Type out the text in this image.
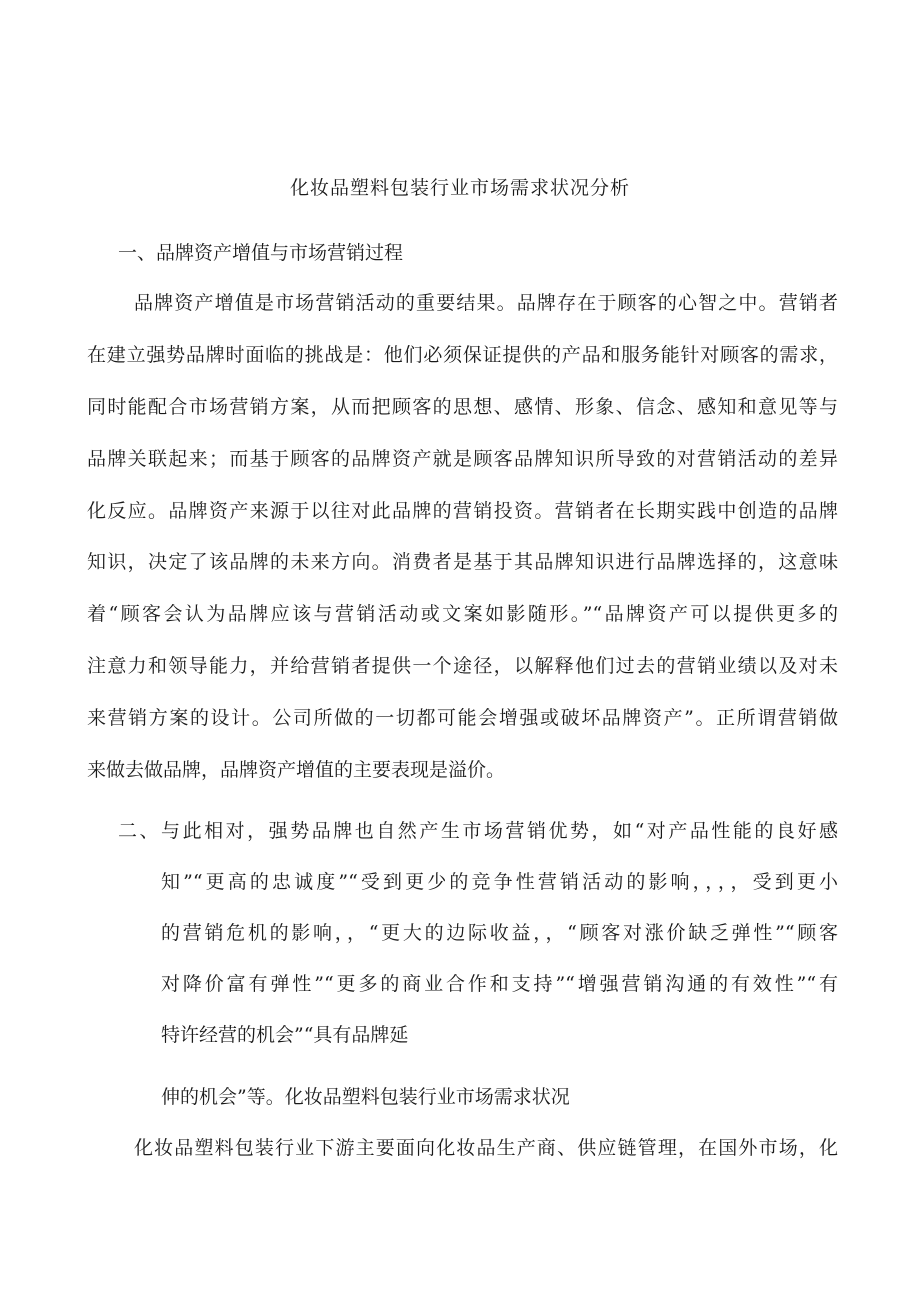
化妆品塑料包装行业市场需求状况分析
一、品牌资产增值与市场营销过程
品牌资产增值是市场营销活动的重要结果。品牌存在于顾客的心智之中。营销者
在建立强势品牌时面临的挑战是：他们必须保证提供的产品和服务能针对顾客的需求，
同时能配合市场营销方案，从而把顾客的思想、感情、形象、信念、感知和意见等与
品牌关联起来；而基于顾客的品牌资产就是顾客品牌知识所导致的对营销活动的差异
化反应。品牌资产来源于以往对此品牌的营销投资。营销者在长期实践中创造的品牌
知识，决定了该品牌的未来方向。消费者是基于其品牌知识进行品牌选择的，这意味
着“顾客会认为品牌应该与营销活动或文案如影随形。”“品牌资产可以提供更多的
注意力和领导能力，并给营销者提供一个途径，以解释他们过去的营销业绩以及对未
来营销方案的设计。公司所做的一切都可能会增强或破坏品牌资产”。正所谓营销做
来做去做品牌，品牌资产增值的主要表现是溢价。
二、与此相对，强势品牌也自然产生市场营销优势，如“对产品性能的良好感
知”“更高的忠诚度”“受到更少的竞争性营销活动的影响，，，，受到更小
的营销危机的影响，，“更大的边际收益，，“顾客对涨价缺乏弹性”“顾客
对降价富有弹性”“更多的商业合作和支持”“增强营销沟通的有效性”“有
特许经营的机会”“具有品牌延
伸的机会”等。化妆品塑料包装行业市场需求状况
化妆品塑料包装行业下游主要面向化妆品生产商、供应链管理，在国外市场，化
